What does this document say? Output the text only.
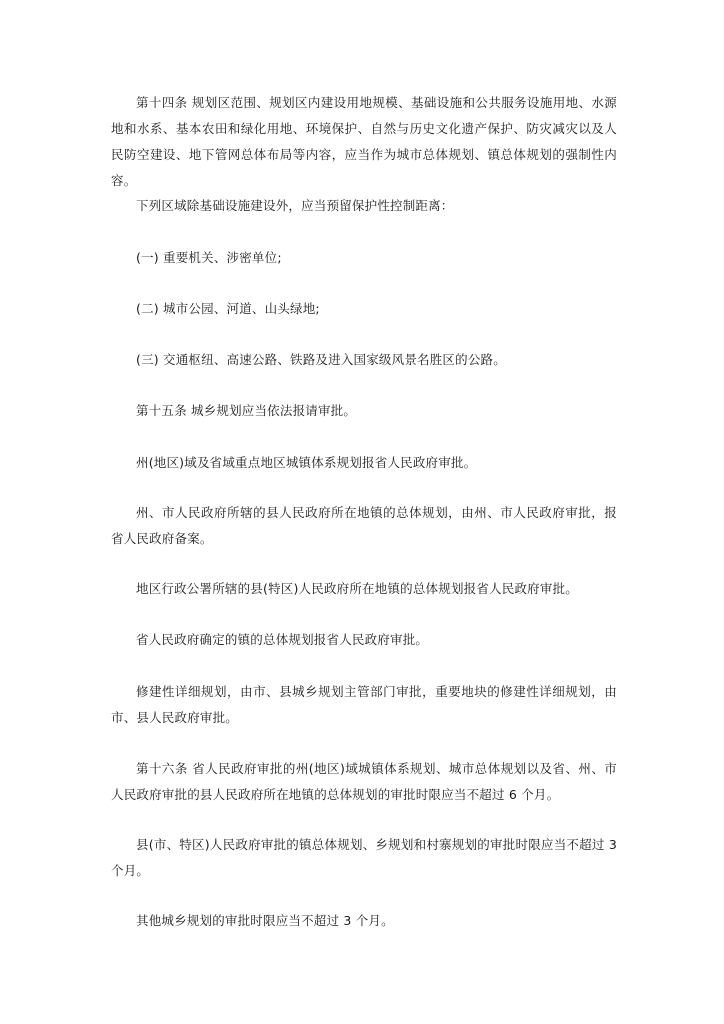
第十四条 规划区范围、规划区内建设用地规模、基础设施和公共服务设施用地、水源地和水系、基本农田和绿化用地、环境保护、自然与历史文化遗产保护、防灾减灾以及人民防空建设、地下管网总体布局等内容，应当作为城市总体规划、镇总体规划的强制性内容。

下列区域除基础设施建设外，应当预留保护性控制距离：

(一) 重要机关、涉密单位;

(二) 城市公园、河道、山头绿地;

(三) 交通枢纽、高速公路、铁路及进入国家级风景名胜区的公路。

第十五条 城乡规划应当依法报请审批。

州(地区)域及省域重点地区城镇体系规划报省人民政府审批。

州、市人民政府所辖的县人民政府所在地镇的总体规划，由州、市人民政府审批，报省人民政府备案。

地区行政公署所辖的县(特区)人民政府所在地镇的总体规划报省人民政府审批。

省人民政府确定的镇的总体规划报省人民政府审批。

修建性详细规划，由市、县城乡规划主管部门审批，重要地块的修建性详细规划，由市、县人民政府审批。

第十六条 省人民政府审批的州(地区)域城镇体系规划、城市总体规划以及省、州、市人民政府审批的县人民政府所在地镇的总体规划的审批时限应当不超过 6 个月。

县(市、特区)人民政府审批的镇总体规划、乡规划和村寨规划的审批时限应当不超过 3 个月。

其他城乡规划的审批时限应当不超过 3 个月。
